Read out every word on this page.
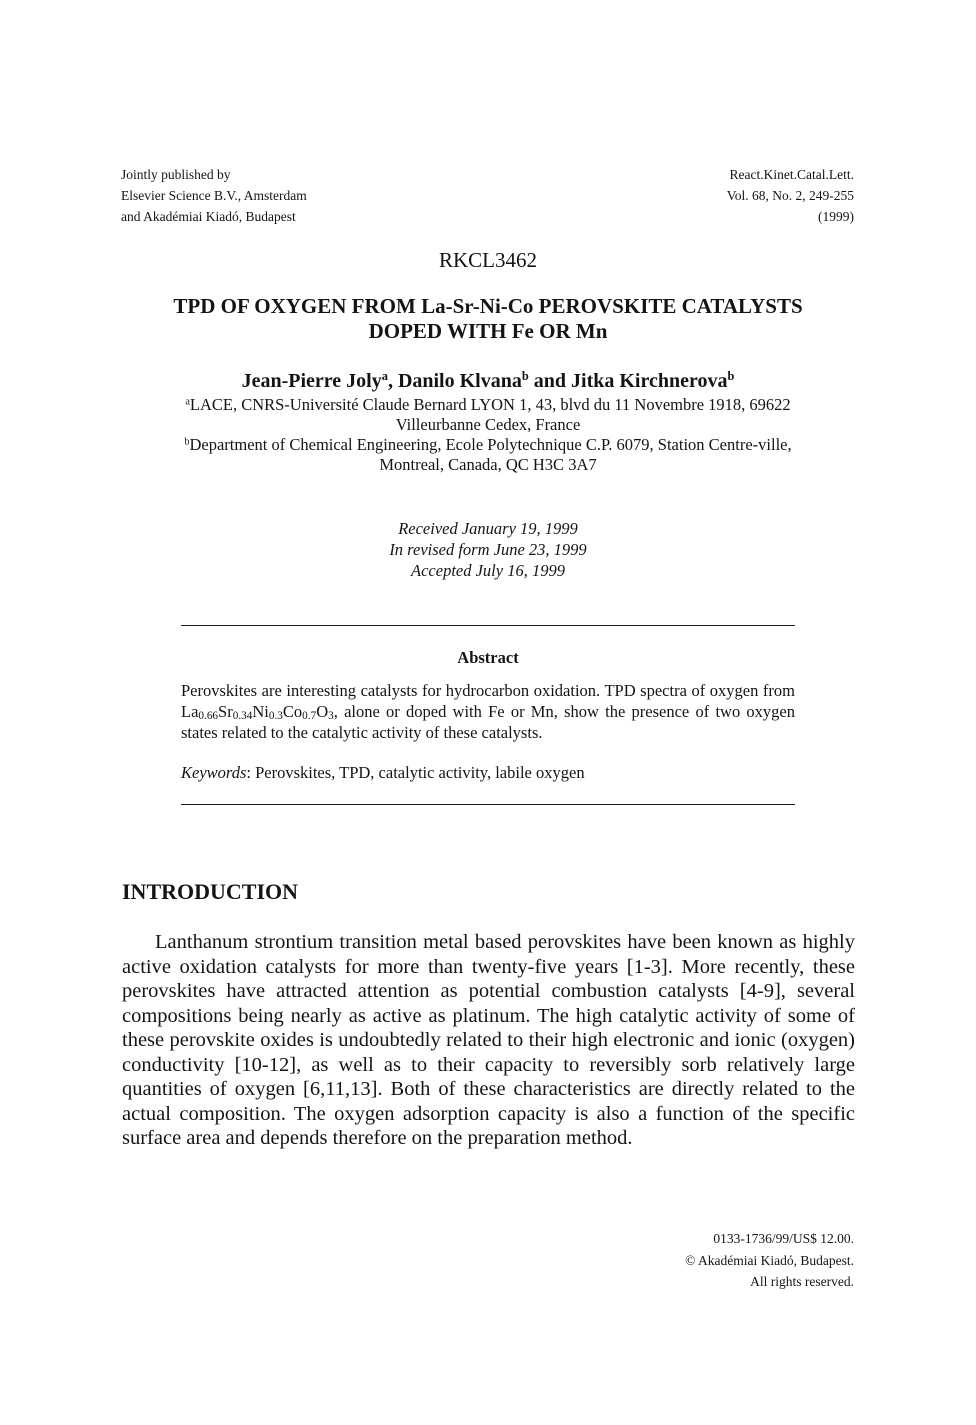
Jointly published by
Elsevier Science B.V., Amsterdam
and Akadémiai Kiadó, Budapest
React.Kinet.Catal.Lett.
Vol. 68, No. 2, 249-255
(1999)
RKCL3462
TPD OF OXYGEN FROM La-Sr-Ni-Co PEROVSKITE CATALYSTS
DOPED WITH Fe OR Mn
Jean-Pierre Joly$^a$, Danilo Klvana$^b$ and Jitka Kirchnerova$^b$
$^a$LACE, CNRS-Université Claude Bernard LYON 1, 43, blvd du 11 Novembre 1918, 69622
Villeurbanne Cedex, France
$^b$Department of Chemical Engineering, Ecole Polytechnique C.P. 6079, Station Centre-ville,
Montreal, Canada, QC H3C 3A7
Received January 19, 1999
In revised form June 23, 1999
Accepted July 16, 1999
Abstract
Perovskites are interesting catalysts for hydrocarbon oxidation. TPD spectra of oxygen from $La_{0.66}Sr_{0.34}Ni_{0.3}Co_{0.7}O_3$, alone or doped with Fe or Mn, show the presence of two oxygen states related to the catalytic activity of these catalysts.
Keywords: Perovskites, TPD, catalytic activity, labile oxygen
INTRODUCTION

Lanthanum strontium transition metal based perovskites have been known as highly active oxidation catalysts for more than twenty-five years [1-3]. More recently, these perovskites have attracted attention as potential combustion catalysts [4-9], several compositions being nearly as active as platinum. The high catalytic activity of some of these perovskite oxides is undoubtedly related to their high electronic and ionic (oxygen) conductivity [10-12], as well as to their capacity to reversibly sorb relatively large quantities of oxygen [6,11,13]. Both of these characteristics are directly related to the actual composition. The oxygen adsorption capacity is also a function of the specific surface area and depends therefore on the preparation method.

0133-1736/99/US$ 12.00.
© Akadémiai Kiadó, Budapest.
All rights reserved.
